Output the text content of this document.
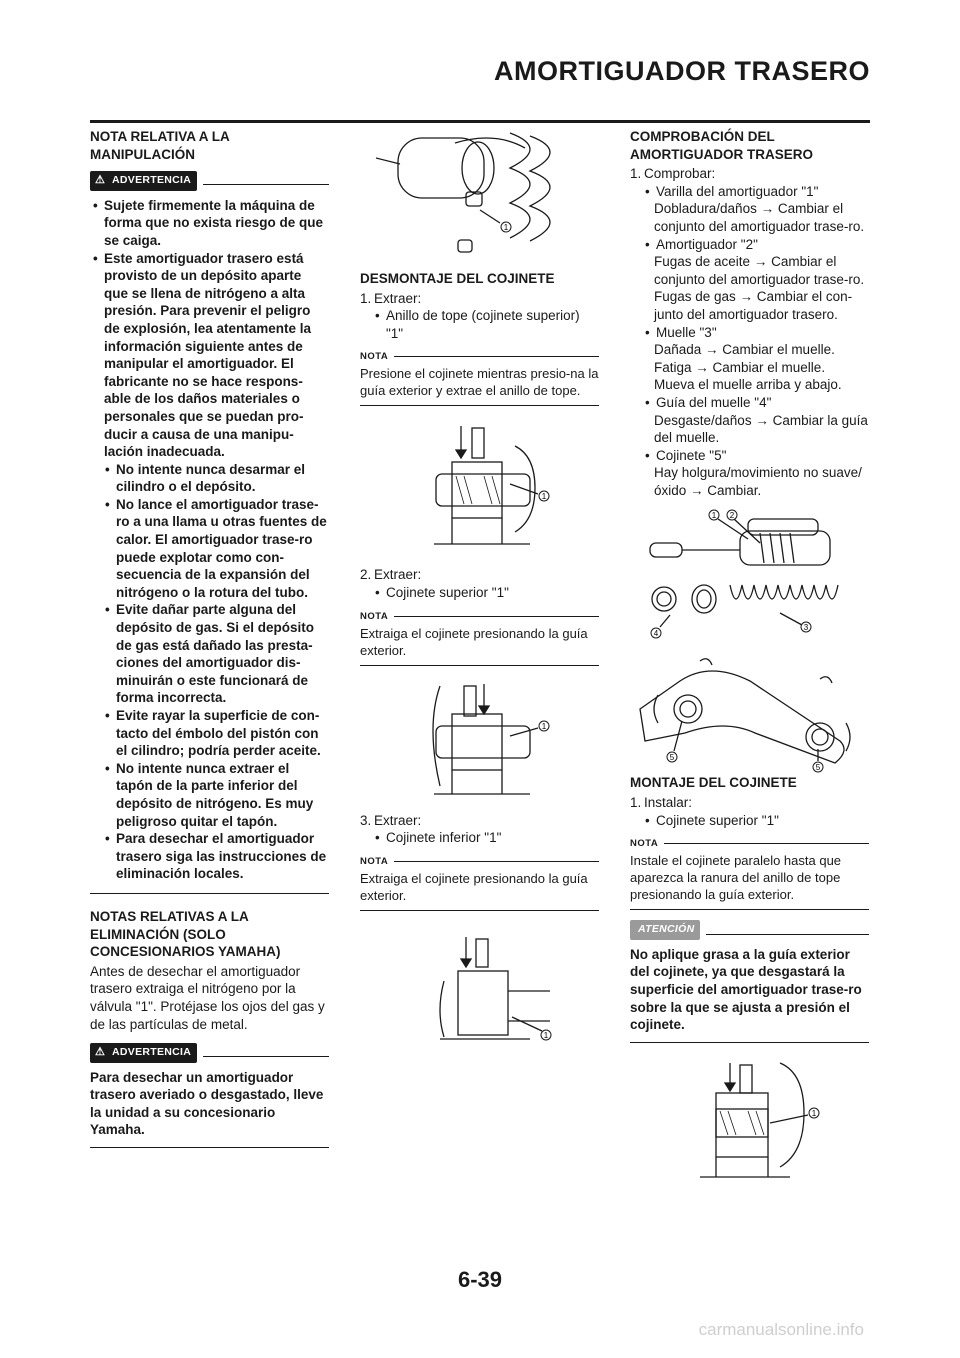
AMORTIGUADOR TRASERO
NOTA RELATIVA A LA MANIPULACIÓN
⚠ ADVERTENCIA
• Sujete firmemente la máquina de forma que no exista riesgo de que se caiga.
• Este amortiguador trasero está provisto de un depósito aparte que se llena de nitrógeno a alta presión. Para prevenir el peligro de explosión, lea atentamente la información siguiente antes de manipular el amortiguador. El fabricante no se hace respons-able de los daños materiales o personales que se puedan pro-ducir a causa de una manipu-lación inadecuada.
• No intente nunca desarmar el cilindro o el depósito.
• No lance el amortiguador trase-ro a una llama u otras fuentes de calor. El amortiguador trase-ro puede explotar como con-secuencia de la expansión del nitrógeno o la rotura del tubo.
• Evite dañar parte alguna del depósito de gas. Si el depósito de gas está dañado las presta-ciones del amortiguador dis-minuirán o este funcionará de forma incorrecta.
• Evite rayar la superficie de con-tacto del émbolo del pistón con el cilindro; podría perder aceite.
• No intente nunca extraer el tapón de la parte inferior del depósito de nitrógeno. Es muy peligroso quitar el tapón.
• Para desechar el amortiguador trasero siga las instrucciones de eliminación locales.
NOTAS RELATIVAS A LA ELIMINACIÓN (SOLO CONCESIONARIOS YAMAHA)
Antes de desechar el amortiguador trasero extraiga el nitrógeno por la válvula "1". Protéjase los ojos del gas y de las partículas de metal.
⚠ ADVERTENCIA
Para desechar un amortiguador trasero averiado o desgastado, lleve la unidad a su concesionario Yamaha.
1
DESMONTAJE DEL COJINETE
1. Extraer:
• Anillo de tope (cojinete superior) "1"
NOTA
Presione el cojinete mientras presio-na la guía exterior y extrae el anillo de tope.
1
2. Extraer:
• Cojinete superior "1"
NOTA
Extraiga el cojinete presionando la guía exterior.
1
3. Extraer:
• Cojinete inferior "1"
NOTA
Extraiga el cojinete presionando la guía exterior.
1
COMPROBACIÓN DEL AMORTIGUADOR TRASERO
1. Comprobar:
• Varilla del amortiguador "1"
Dobladura/daños → Cambiar el conjunto del amortiguador trase-ro.
• Amortiguador "2"
Fugas de aceite → Cambiar el conjunto del amortiguador trase-ro.
Fugas de gas → Cambiar el con-junto del amortiguador trasero.
• Muelle "3"
Dañada → Cambiar el muelle.
Fatiga → Cambiar el muelle.
Mueva el muelle arriba y abajo.
• Guía del muelle "4"
Desgaste/daños → Cambiar la guía del muelle.
• Cojinete "5"
Hay holgura/movimiento no suave/óxido → Cambiar.
1 2
3
4
5
5
MONTAJE DEL COJINETE
1. Instalar:
• Cojinete superior "1"
NOTA
Instale el cojinete paralelo hasta que aparezca la ranura del anillo de tope presionando la guía exterior.
ATENCIÓN
No aplique grasa a la guía exterior del cojinete, ya que desgastará la superficie del amortiguador trase-ro sobre la que se ajusta a presión el cojinete.
1
6-39
carmanualsonline.info
